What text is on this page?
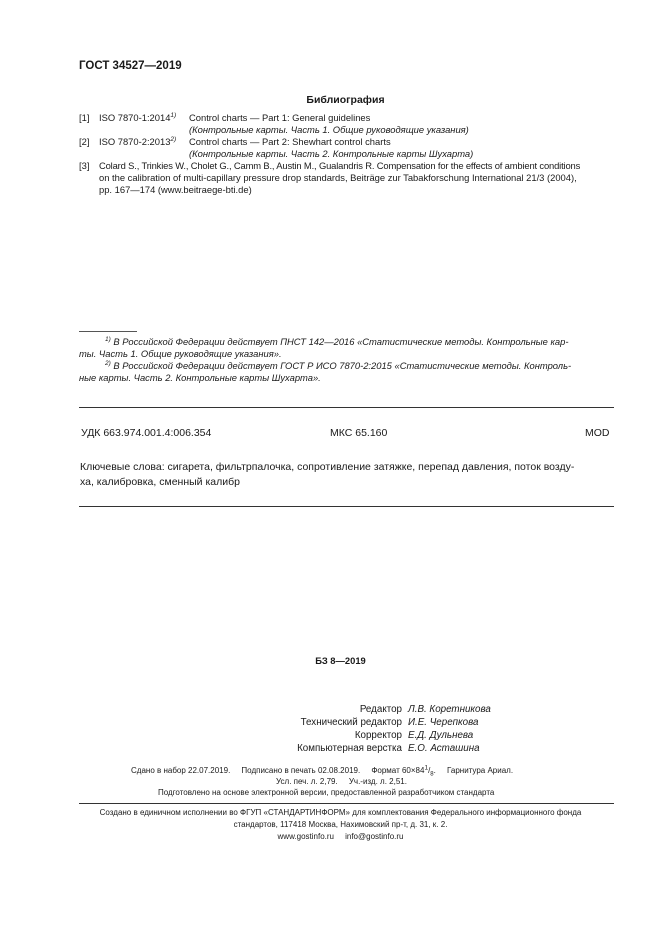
ГОСТ 34527—2019
Библиография
[1] ISO 7870-1:2014$^{1)}$ Control charts — Part 1: General guidelines
(Контрольные карты. Часть 1. Общие руководящие указания)
[2] ISO 7870-2:2013$^{2)}$ Control charts — Part 2: Shewhart control charts
(Контрольные карты. Часть 2. Контрольные карты Шухарта)
[3] Colard S., Trinkies W., Cholet G., Camm B., Austin M., Gualandris R. Compensation for the effects of ambient conditions
on the calibration of multi-capillary pressure drop standards, Beiträge zur Tabakforschung International 21/3 (2004),
pp. 167—174 (www.beitraege-bti.de)
$^{1)}$ В Российской Федерации действует ПНСТ 142—2016 «Статистические методы. Контрольные кар-
ты. Часть 1. Общие руководящие указания».
$^{2)}$ В Российской Федерации действует ГОСТ Р ИСО 7870-2:2015 «Статистические методы. Контроль-
ные карты. Часть 2. Контрольные карты Шухарта».
УДК 663.974.001.4:006.354	МКС 65.160	MOD
Ключевые слова: сигарета, фильтрпалочка, сопротивление затяжке, перепад давления, поток возду-
ха, калибровка, сменный калибр
БЗ 8—2019
Редактор Л.В. Коретникова
Технический редактор И.Е. Черепкова
Корректор Е.Д. Дульнева
Компьютерная верстка Е.О. Асташина
Сдано в набор 22.07.2019. Подписано в печать 02.08.2019. Формат $60\times 84^1/_8$. Гарнитура Ариал.
Усл. печ. л. 2,79. Уч.-изд. л. 2,51.
Подготовлено на основе электронной версии, предоставленной разработчиком стандарта
Создано в единичном исполнении во ФГУП «СТАНДАРТИНФОРМ» для комплектования Федерального информационного фонда
стандартов, 117418 Москва, Нахимовский пр-т, д. 31, к. 2.
www.gostinfo.ru info@gostinfo.ru
